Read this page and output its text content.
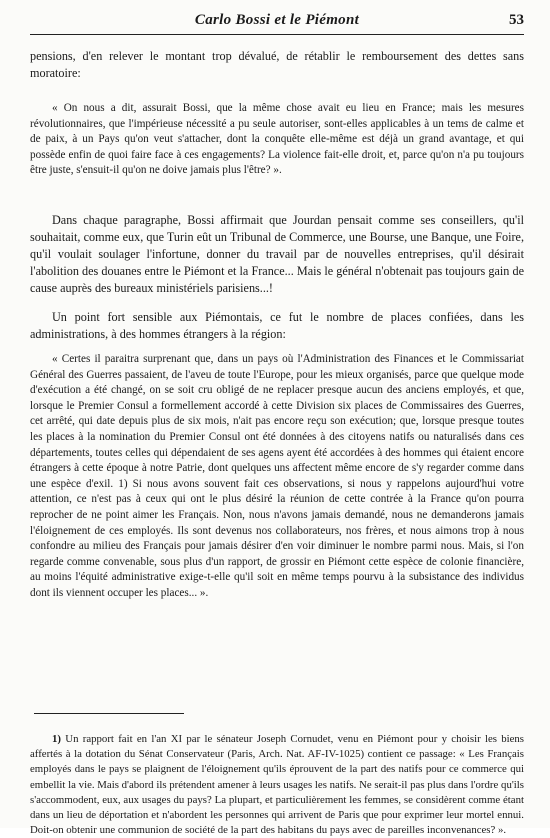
Carlo Bossi et le Piémont	53

pensions, d'en relever le montant trop dévalué, de rétablir le remboursement des dettes sans moratoire:

« On nous a dit, assurait Bossi, que la même chose avait eu lieu en France; mais les mesures révolutionnaires, que l'impérieuse nécessité a pu seule autoriser, sont-elles applicables à un tems de calme et de paix, à un Pays qu'on veut s'attacher, dont la conquête elle-même est déjà un grand avantage, et qui possède enfin de quoi faire face à ces engagements? La violence fait-elle droit, et, parce qu'on n'a pu toujours être juste, s'ensuit-il qu'on ne doive jamais plus l'être? ».

Dans chaque paragraphe, Bossi affirmait que Jourdan pensait comme ses conseillers, qu'il souhaitait, comme eux, que Turin eût un Tribunal de Commerce, une Bourse, une Banque, une Foire, qu'il voulait soulager l'infortune, donner du travail par de nouvelles entreprises, qu'il désirait l'abolition des douanes entre le Piémont et la France... Mais le général n'obtenait pas toujours gain de cause auprès des bureaux ministériels parisiens...!

Un point fort sensible aux Piémontais, ce fut le nombre de places confiées, dans les administrations, à des hommes étrangers à la région:

« Certes il paraitra surprenant que, dans un pays où l'Administration des Finances et le Commissariat Général des Guerres passaient, de l'aveu de toute l'Europe, pour les mieux organisés, parce que quelque mode d'exécution a été changé, on se soit cru obligé de ne replacer presque aucun des anciens employés, et que, lorsque le Premier Consul a formellement accordé à cette Division six places de Commissaires des Guerres, cet arrêté, qui date depuis plus de six mois, n'ait pas encore reçu son exécution; que, lorsque presque toutes les places à la nomination du Premier Consul ont été données à des citoyens natifs ou naturalisés dans ces départements, toutes celles qui dépendaient de ses agens ayent été accordées à des hommes qui étaient encore étrangers à cette époque à notre Patrie, dont quelques uns affectent même encore de s'y regarder comme dans une espèce d'exil. 1) Si nous avons souvent fait ces observations, si nous y rappelons aujourd'hui votre attention, ce n'est pas à ceux qui ont le plus désiré la réunion de cette contrée à la France qu'on pourra reprocher de ne point aimer les Français. Non, nous n'avons jamais demandé, nous ne demanderons jamais l'éloignement de ces employés. Ils sont devenus nos collaborateurs, nos frères, et nous aimons trop à nous confondre au milieu des Français pour jamais désirer d'en voir diminuer le nombre parmi nous. Mais, si l'on regarde comme convenable, sous plus d'un rapport, de grossir en Piémont cette espèce de colonie financière, au moins l'équité administrative exige-t-elle qu'il soit en même temps pourvu à la subsistance des individus dont ils viennent occuper les places... ».

1) Un rapport fait en l'an XI par le sénateur Joseph Cornudet, venu en Piémont pour y choisir les biens affertés à la dotation du Sénat Conservateur (Paris, Arch. Nat. AF-IV-1025) contient ce passage: « Les Français employés dans le pays se plaignent de l'éloignement qu'ils éprouvent de la part des natifs pour ce commerce qui embellit la vie. Mais d'abord ils prétendent amener à leurs usages les natifs. Ne serait-il pas plus dans l'ordre qu'ils s'accommodent, eux, aux usages du pays? La plupart, et particulièrement les femmes, se considèrent comme étant dans un lieu de déportation et n'abordent les personnes qui arrivent de Paris que pour exprimer leur mortel ennui. Doit-on obtenir une communion de société de la part des habitans du pays avec de pareilles inconvenances? ».
